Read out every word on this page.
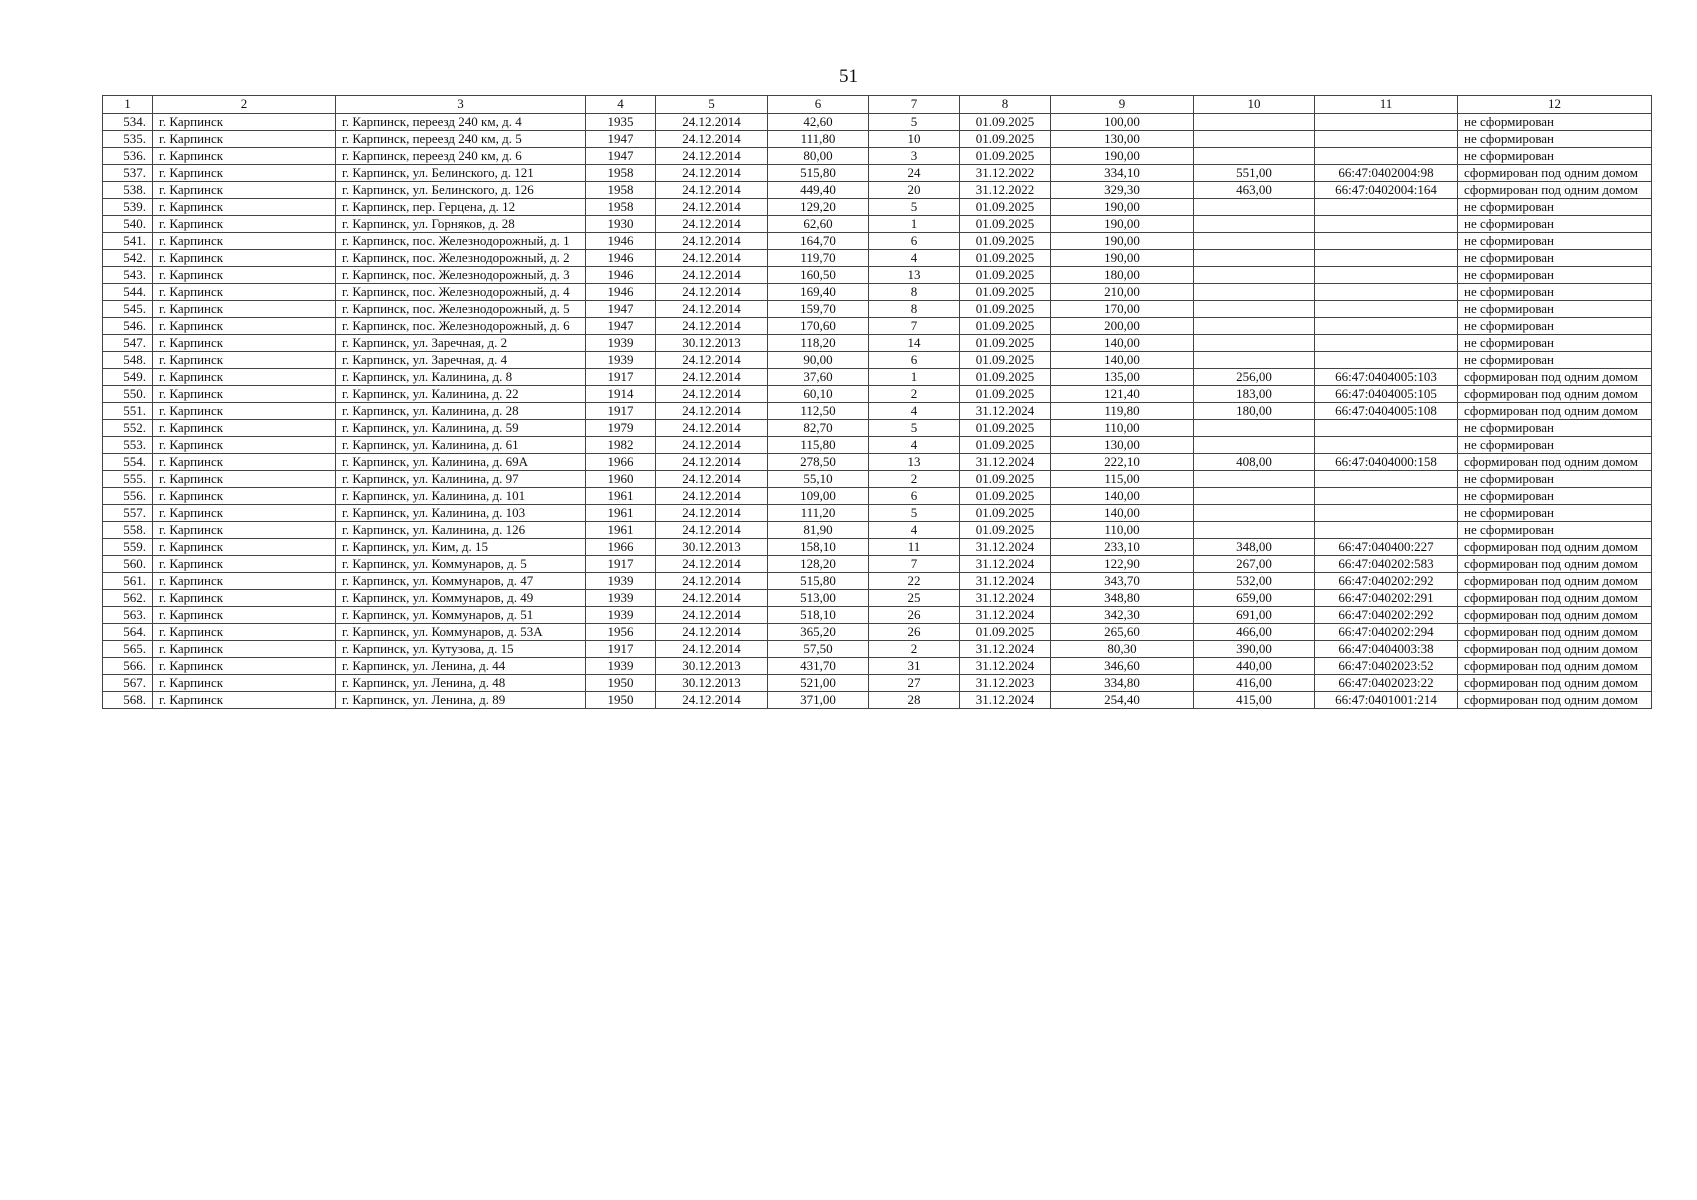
51
1	2	3	4	5	6	7	8	9	10	11	12
534.	г. Карпинск	г. Карпинск, переезд 240 км, д. 4	1935	24.12.2014	42,60	5	01.09.2025	100,00			не сформирован
535.	г. Карпинск	г. Карпинск, переезд 240 км, д. 5	1947	24.12.2014	111,80	10	01.09.2025	130,00			не сформирован
536.	г. Карпинск	г. Карпинск, переезд 240 км, д. 6	1947	24.12.2014	80,00	3	01.09.2025	190,00			не сформирован
537.	г. Карпинск	г. Карпинск, ул. Белинского, д. 121	1958	24.12.2014	515,80	24	31.12.2022	334,10	551,00	66:47:0402004:98	сформирован под одним домом
538.	г. Карпинск	г. Карпинск, ул. Белинского, д. 126	1958	24.12.2014	449,40	20	31.12.2022	329,30	463,00	66:47:0402004:164	сформирован под одним домом
539.	г. Карпинск	г. Карпинск, пер. Герцена, д. 12	1958	24.12.2014	129,20	5	01.09.2025	190,00			не сформирован
540.	г. Карпинск	г. Карпинск, ул. Горняков, д. 28	1930	24.12.2014	62,60	1	01.09.2025	190,00			не сформирован
541.	г. Карпинск	г. Карпинск, пос. Железнодорожный, д. 1	1946	24.12.2014	164,70	6	01.09.2025	190,00			не сформирован
542.	г. Карпинск	г. Карпинск, пос. Железнодорожный, д. 2	1946	24.12.2014	119,70	4	01.09.2025	190,00			не сформирован
543.	г. Карпинск	г. Карпинск, пос. Железнодорожный, д. 3	1946	24.12.2014	160,50	13	01.09.2025	180,00			не сформирован
544.	г. Карпинск	г. Карпинск, пос. Железнодорожный, д. 4	1946	24.12.2014	169,40	8	01.09.2025	210,00			не сформирован
545.	г. Карпинск	г. Карпинск, пос. Железнодорожный, д. 5	1947	24.12.2014	159,70	8	01.09.2025	170,00			не сформирован
546.	г. Карпинск	г. Карпинск, пос. Железнодорожный, д. 6	1947	24.12.2014	170,60	7	01.09.2025	200,00			не сформирован
547.	г. Карпинск	г. Карпинск, ул. Заречная, д. 2	1939	30.12.2013	118,20	14	01.09.2025	140,00			не сформирован
548.	г. Карпинск	г. Карпинск, ул. Заречная, д. 4	1939	24.12.2014	90,00	6	01.09.2025	140,00			не сформирован
549.	г. Карпинск	г. Карпинск, ул. Калинина, д. 8	1917	24.12.2014	37,60	1	01.09.2025	135,00	256,00	66:47:0404005:103	сформирован под одним домом
550.	г. Карпинск	г. Карпинск, ул. Калинина, д. 22	1914	24.12.2014	60,10	2	01.09.2025	121,40	183,00	66:47:0404005:105	сформирован под одним домом
551.	г. Карпинск	г. Карпинск, ул. Калинина, д. 28	1917	24.12.2014	112,50	4	31.12.2024	119,80	180,00	66:47:0404005:108	сформирован под одним домом
552.	г. Карпинск	г. Карпинск, ул. Калинина, д. 59	1979	24.12.2014	82,70	5	01.09.2025	110,00			не сформирован
553.	г. Карпинск	г. Карпинск, ул. Калинина, д. 61	1982	24.12.2014	115,80	4	01.09.2025	130,00			не сформирован
554.	г. Карпинск	г. Карпинск, ул. Калинина, д. 69А	1966	24.12.2014	278,50	13	31.12.2024	222,10	408,00	66:47:0404000:158	сформирован под одним домом
555.	г. Карпинск	г. Карпинск, ул. Калинина, д. 97	1960	24.12.2014	55,10	2	01.09.2025	115,00			не сформирован
556.	г. Карпинск	г. Карпинск, ул. Калинина, д. 101	1961	24.12.2014	109,00	6	01.09.2025	140,00			не сформирован
557.	г. Карпинск	г. Карпинск, ул. Калинина, д. 103	1961	24.12.2014	111,20	5	01.09.2025	140,00			не сформирован
558.	г. Карпинск	г. Карпинск, ул. Калинина, д. 126	1961	24.12.2014	81,90	4	01.09.2025	110,00			не сформирован
559.	г. Карпинск	г. Карпинск, ул. Ким, д. 15	1966	30.12.2013	158,10	11	31.12.2024	233,10	348,00	66:47:040400:227	сформирован под одним домом
560.	г. Карпинск	г. Карпинск, ул. Коммунаров, д. 5	1917	24.12.2014	128,20	7	31.12.2024	122,90	267,00	66:47:040202:583	сформирован под одним домом
561.	г. Карпинск	г. Карпинск, ул. Коммунаров, д. 47	1939	24.12.2014	515,80	22	31.12.2024	343,70	532,00	66:47:040202:292	сформирован под одним домом
562.	г. Карпинск	г. Карпинск, ул. Коммунаров, д. 49	1939	24.12.2014	513,00	25	31.12.2024	348,80	659,00	66:47:040202:291	сформирован под одним домом
563.	г. Карпинск	г. Карпинск, ул. Коммунаров, д. 51	1939	24.12.2014	518,10	26	31.12.2024	342,30	691,00	66:47:040202:292	сформирован под одним домом
564.	г. Карпинск	г. Карпинск, ул. Коммунаров, д. 53А	1956	24.12.2014	365,20	26	01.09.2025	265,60	466,00	66:47:040202:294	сформирован под одним домом
565.	г. Карпинск	г. Карпинск, ул. Кутузова, д. 15	1917	24.12.2014	57,50	2	31.12.2024	80,30	390,00	66:47:0404003:38	сформирован под одним домом
566.	г. Карпинск	г. Карпинск, ул. Ленина, д. 44	1939	30.12.2013	431,70	31	31.12.2024	346,60	440,00	66:47:0402023:52	сформирован под одним домом
567.	г. Карпинск	г. Карпинск, ул. Ленина, д. 48	1950	30.12.2013	521,00	27	31.12.2023	334,80	416,00	66:47:0402023:22	сформирован под одним домом
568.	г. Карпинск	г. Карпинск, ул. Ленина, д. 89	1950	24.12.2014	371,00	28	31.12.2024	254,40	415,00	66:47:0401001:214	сформирован под одним домом
